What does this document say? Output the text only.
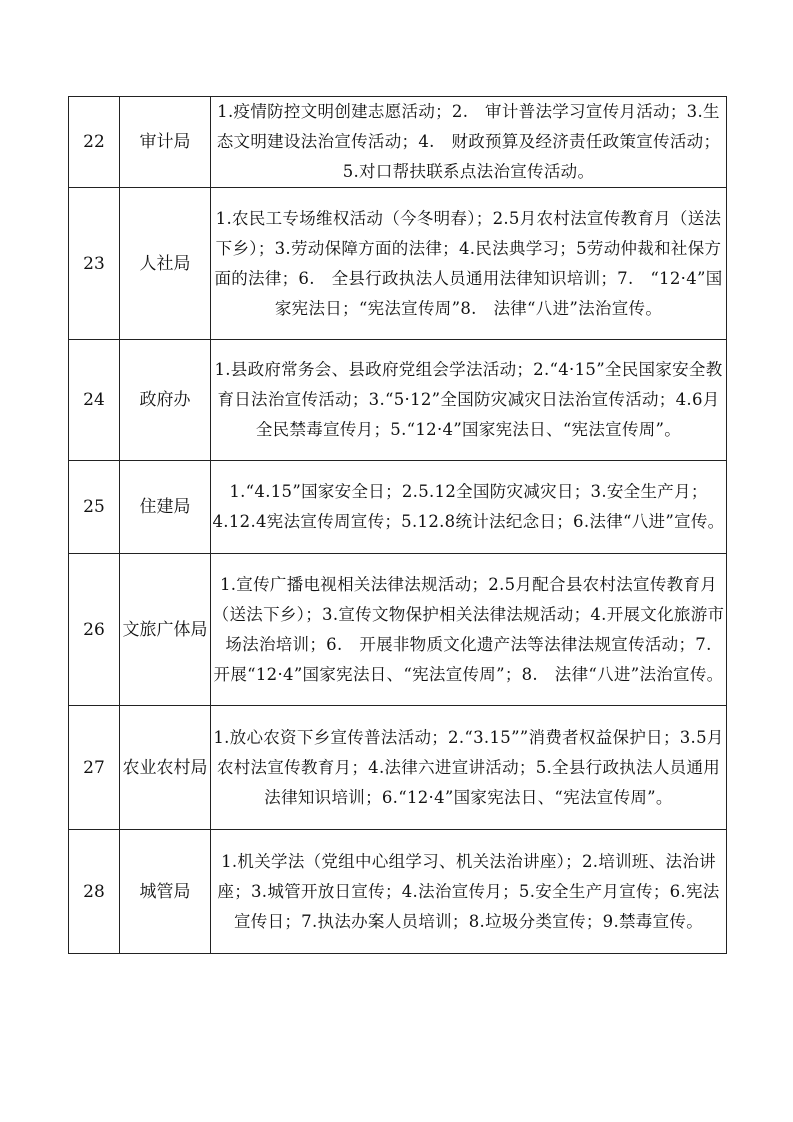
22	审计局	1.疫情防控文明创建志愿活动；2.　审计普法学习宣传月活动；3.生态文明建设法治宣传活动；4.　财政预算及经济责任政策宣传活动；5.对口帮扶联系点法治宣传活动。
23	人社局	1.农民工专场维权活动（今冬明春）；2.5月农村法宣传教育月（送法下乡）；3.劳动保障方面的法律；4.民法典学习；5劳动仲裁和社保方面的法律；6.　全县行政执法人员通用法律知识培训；7.　“12·4”国家宪法日；“宪法宣传周”8.　法律“八进”法治宣传。
24	政府办	1.县政府常务会、县政府党组会学法活动；2.“4·15”全民国家安全教育日法治宣传活动；3.“5·12”全国防灾减灾日法治宣传活动；4.6月全民禁毒宣传月；5.“12·4”国家宪法日、“宪法宣传周”。
25	住建局	1.“4.15”国家安全日；2.5.12全国防灾减灾日；3.安全生产月；4.12.4宪法宣传周宣传；5.12.8统计法纪念日；6.法律“八进”宣传。
26	文旅广体局	1.宣传广播电视相关法律法规活动；2.5月配合县农村法宣传教育月（送法下乡）；3.宣传文物保护相关法律法规活动；4.开展文化旅游市场法治培训；6.　开展非物质文化遗产法等法律法规宣传活动；7.　开展“12·4”国家宪法日、“宪法宣传周”；8.　法律“八进”法治宣传。
27	农业农村局	1.放心农资下乡宣传普法活动；2.“3.15””消费者权益保护日；3.5月农村法宣传教育月；4.法律六进宣讲活动；5.全县行政执法人员通用法律知识培训；6.“12·4”国家宪法日、“宪法宣传周”。
28	城管局	1.机关学法（党组中心组学习、机关法治讲座）；2.培训班、法治讲座；3.城管开放日宣传；4.法治宣传月；5.安全生产月宣传；6.宪法宣传日；7.执法办案人员培训；8.垃圾分类宣传；9.禁毒宣传。
